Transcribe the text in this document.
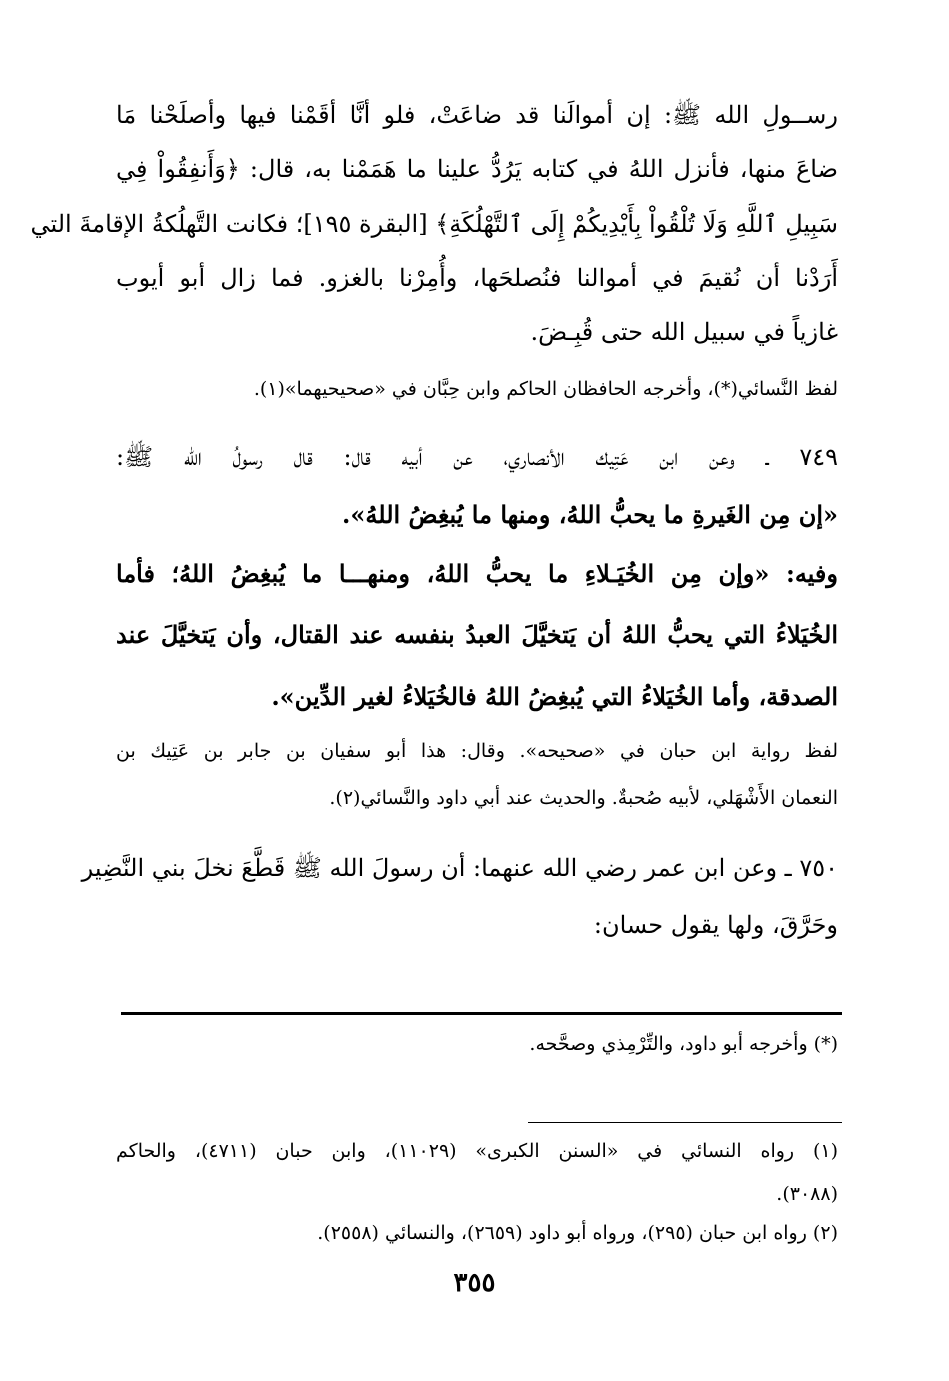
رســولِ الله ﷺ: إن أموالَنا قد ضاعَتْ، فلو أنَّا أقَمْنا فيها وأصلَحْنا مَا
ضاعَ منها، فأنزل اللهُ في كتابه يَرُدُّ علينا ما هَمَمْنا به، قال: ﴿وَأَنفِقُواْ فِي
سَبِيلِ ٱللَّهِ وَلَا تُلْقُواْ بِأَيْدِيكُمْ إِلَى ٱلتَّهْلُكَةِ﴾ [البقرة ١٩٥]؛ فكانت التَّهلُكةُ الإقامةَ التي
أَرَدْنا أن نُقيمَ في أموالنا فنُصلحَها، وأُمِرْنا بالغزو. فما زال أبو أيوب
غازياً في سبيل الله حتى قُبِـضَ.
لفظ النَّسائي(*)، وأخرجه الحافظان الحاكم وابن حِبَّان في «صحيحيهما»(١).
٧٤٩ ـ وعن ابن عَتِيك الأنصاري، عن أبيه قال: قال رسولُ الله ﷺ:
«إن مِن الغَيرةِ ما يحبُّ اللهُ، ومنها ما يُبغِضُ اللهُ».
وفيه: «وإن مِن الخُيَـلاءِ ما يحبُّ اللهُ، ومنهـــا ما يُبغِضُ اللهُ؛ فأما
الخُيَلاءُ التي يحبُّ اللهُ أن يَتخيَّلَ العبدُ بنفسه عند القتال، وأن يَتخيَّلَ عند
الصدقة، وأما الخُيَلاءُ التي يُبغِضُ اللهُ فالخُيَلاءُ لغير الدِّين».
لفظ رواية ابن حبان في «صحيحه». وقال: هذا أبو سفيان بن جابر بن عَتِيك بن
النعمان الأَشْهَلي، لأبيه صُحبةٌ. والحديث عند أبي داود والنَّسائي(٢).
٧٥٠ ـ وعن ابن عمر رضي الله عنهما: أن رسولَ الله ﷺ قَطَّعَ نخلَ بني النَّضِير
وحَرَّقَ، ولها يقول حسان:
(*) وأخرجه أبو داود، والتِّرْمِذي وصحَّحه.
(١) رواه النسائي في «السنن الكبرى» (١١٠٢٩)، وابن حبان (٤٧١١)، والحاكم
(٣٠٨٨).
(٢) رواه ابن حبان (٢٩٥)، ورواه أبو داود (٢٦٥٩)، والنسائي (٢٥٥٨).
٣٥٥
